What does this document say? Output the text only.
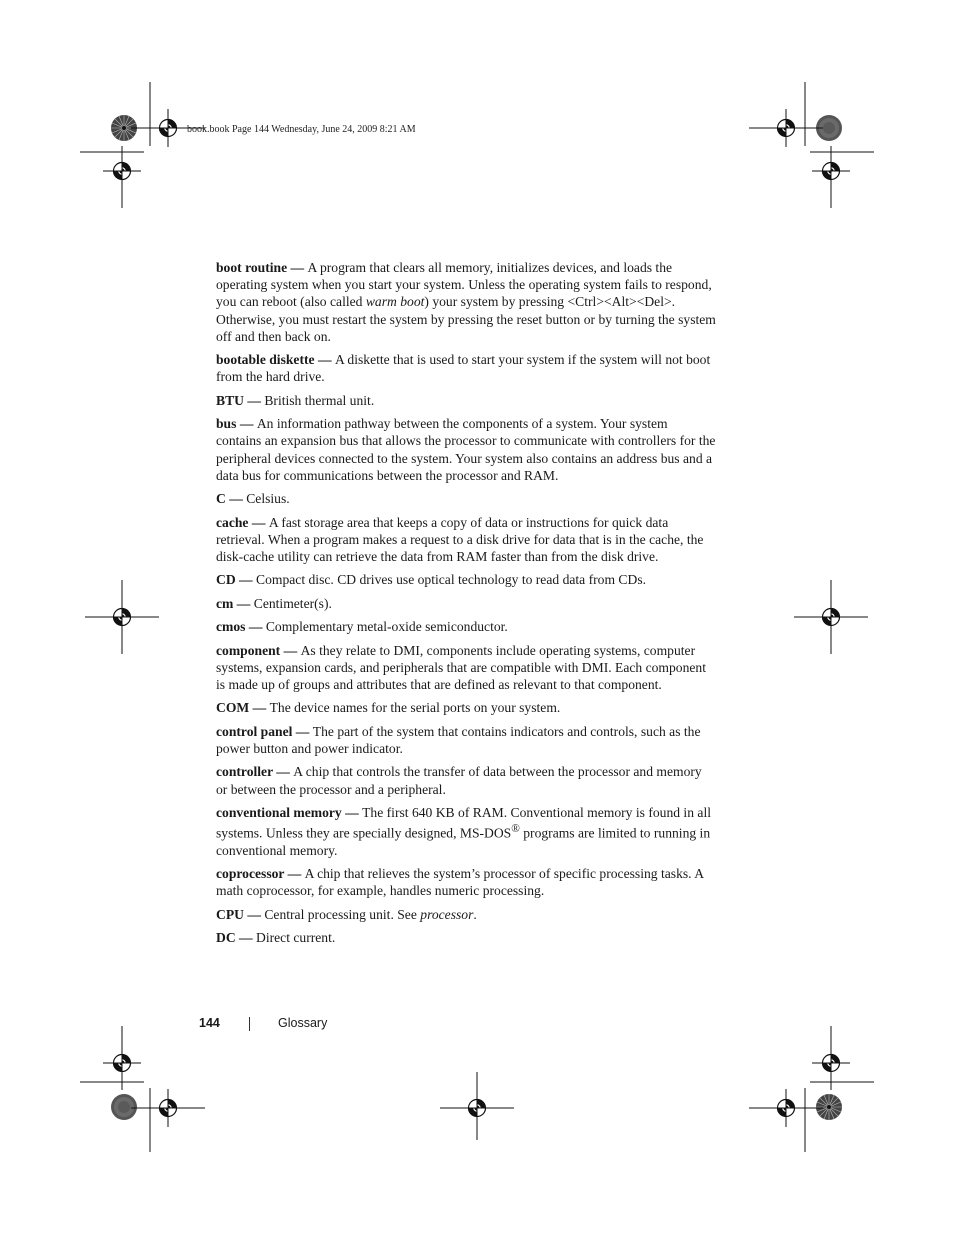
book.book Page 144 Wednesday, June 24, 2009 8:21 AM

boot routine — A program that clears all memory, initializes devices, and loads the operating system when you start your system. Unless the operating system fails to respond, you can reboot (also called warm boot) your system by pressing <Ctrl><Alt><Del>. Otherwise, you must restart the system by pressing the reset button or by turning the system off and then back on.

bootable diskette — A diskette that is used to start your system if the system will not boot from the hard drive.

BTU — British thermal unit.

bus — An information pathway between the components of a system. Your system contains an expansion bus that allows the processor to communicate with controllers for the peripheral devices connected to the system. Your system also contains an address bus and a data bus for communications between the processor and RAM.

C — Celsius.

cache — A fast storage area that keeps a copy of data or instructions for quick data retrieval. When a program makes a request to a disk drive for data that is in the cache, the disk-cache utility can retrieve the data from RAM faster than from the disk drive.

CD — Compact disc. CD drives use optical technology to read data from CDs.

cm — Centimeter(s).

cmos — Complementary metal-oxide semiconductor.

component — As they relate to DMI, components include operating systems, computer systems, expansion cards, and peripherals that are compatible with DMI. Each component is made up of groups and attributes that are defined as relevant to that component.

COM — The device names for the serial ports on your system.

control panel — The part of the system that contains indicators and controls, such as the power button and power indicator.

controller — A chip that controls the transfer of data between the processor and memory or between the processor and a peripheral.

conventional memory — The first 640 KB of RAM. Conventional memory is found in all systems. Unless they are specially designed, MS-DOS® programs are limited to running in conventional memory.

coprocessor — A chip that relieves the system’s processor of specific processing tasks. A math coprocessor, for example, handles numeric processing.

CPU — Central processing unit. See processor.

DC — Direct current.

144	Glossary
